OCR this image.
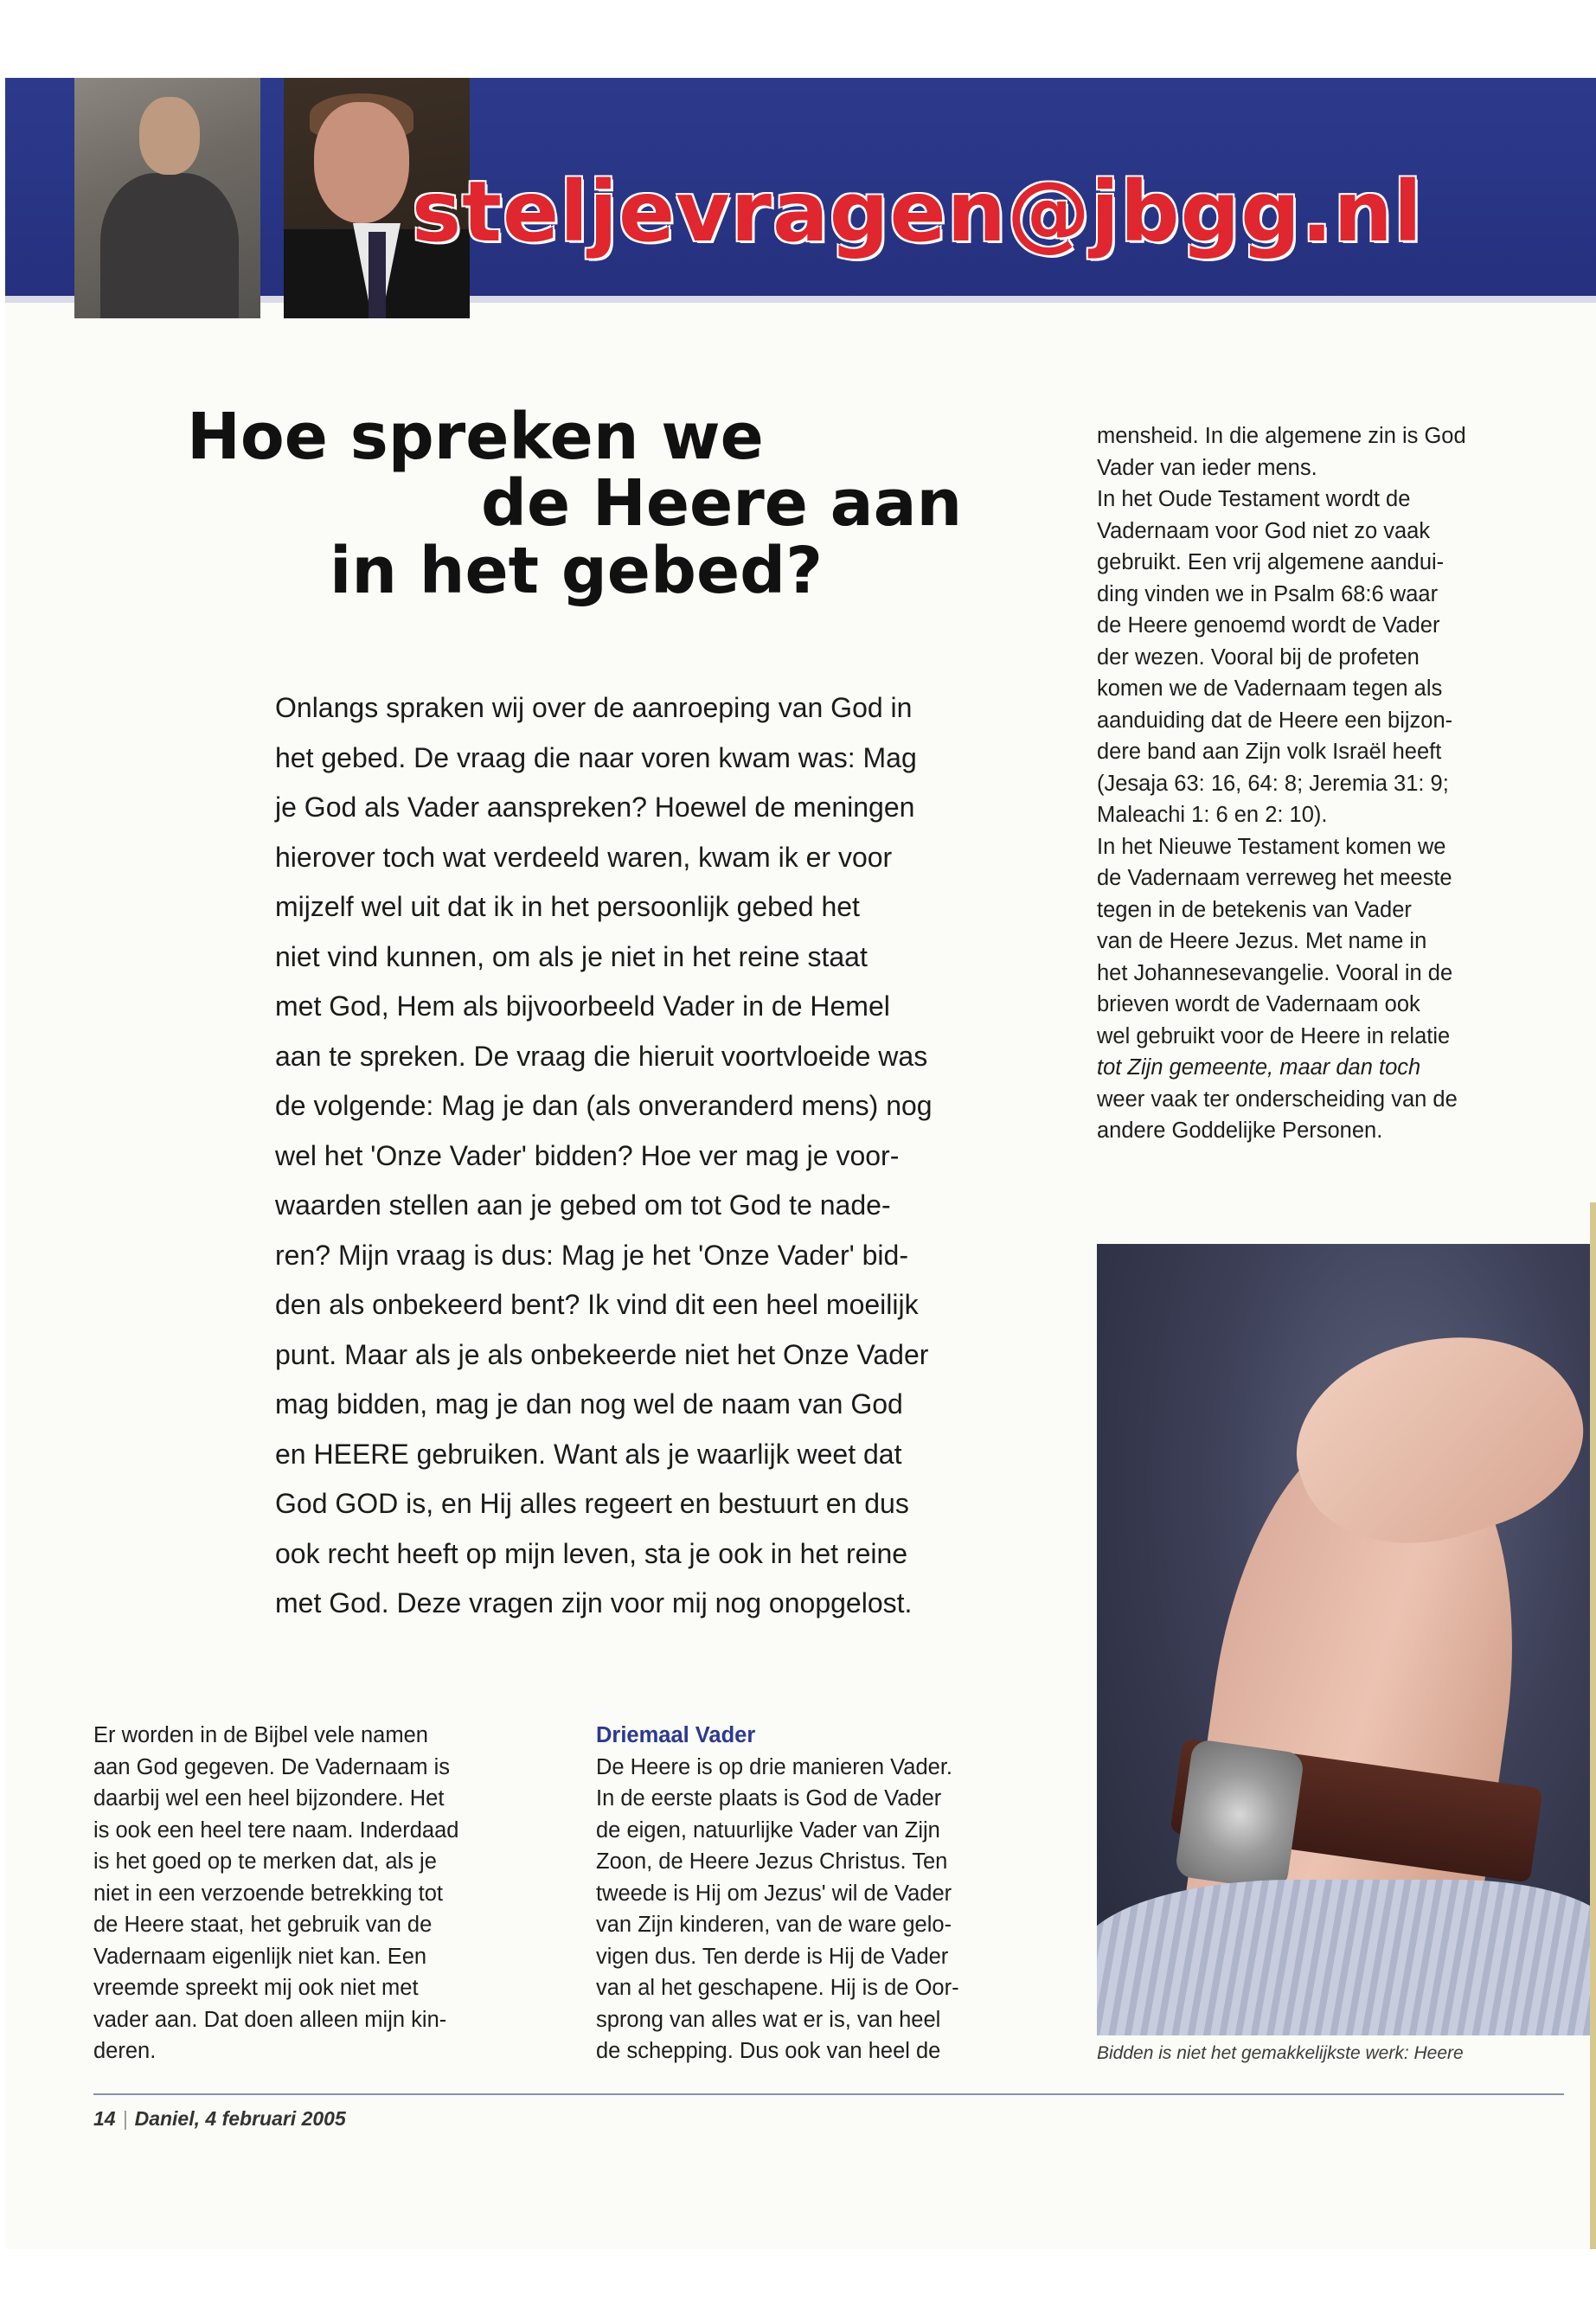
steljevragen@jbgg.nl
Hoe spreken we
de Heere aan
in het gebed?
Onlangs spraken wij over de aanroeping van God in
het gebed. De vraag die naar voren kwam was: Mag
je God als Vader aanspreken? Hoewel de meningen
hierover toch wat verdeeld waren, kwam ik er voor
mijzelf wel uit dat ik in het persoonlijk gebed het
niet vind kunnen, om als je niet in het reine staat
met God, Hem als bijvoorbeeld Vader in de Hemel
aan te spreken. De vraag die hieruit voortvloeide was
de volgende: Mag je dan (als onveranderd mens) nog
wel het 'Onze Vader' bidden? Hoe ver mag je voor-
waarden stellen aan je gebed om tot God te nade-
ren? Mijn vraag is dus: Mag je het 'Onze Vader' bid-
den als onbekeerd bent? Ik vind dit een heel moeilijk
punt. Maar als je als onbekeerde niet het Onze Vader
mag bidden, mag je dan nog wel de naam van God
en HEERE gebruiken. Want als je waarlijk weet dat
God GOD is, en Hij alles regeert en bestuurt en dus
ook recht heeft op mijn leven, sta je ook in het reine
met God. Deze vragen zijn voor mij nog onopgelost.
mensheid. In die algemene zin is God
Vader van ieder mens.
In het Oude Testament wordt de
Vadernaam voor God niet zo vaak
gebruikt. Een vrij algemene aandui-
ding vinden we in Psalm 68:6 waar
de Heere genoemd wordt de Vader
der wezen. Vooral bij de profeten
komen we de Vadernaam tegen als
aanduiding dat de Heere een bijzon-
dere band aan Zijn volk Israël heeft
(Jesaja 63: 16, 64: 8; Jeremia 31: 9;
Maleachi 1: 6 en 2: 10).
In het Nieuwe Testament komen we
de Vadernaam verreweg het meeste
tegen in de betekenis van Vader
van de Heere Jezus. Met name in
het Johannesevangelie. Vooral in de
brieven wordt de Vadernaam ook
wel gebruikt voor de Heere in relatie
tot Zijn gemeente, maar dan toch
weer vaak ter onderscheiding van de
andere Goddelijke Personen.
Bidden is niet het gemakkelijkste werk: Heere
Er worden in de Bijbel vele namen
aan God gegeven. De Vadernaam is
daarbij wel een heel bijzondere. Het
is ook een heel tere naam. Inderdaad
is het goed op te merken dat, als je
niet in een verzoende betrekking tot
de Heere staat, het gebruik van de
Vadernaam eigenlijk niet kan. Een
vreemde spreekt mij ook niet met
vader aan. Dat doen alleen mijn kin-
deren.
Driemaal Vader
De Heere is op drie manieren Vader.
In de eerste plaats is God de Vader
de eigen, natuurlijke Vader van Zijn
Zoon, de Heere Jezus Christus. Ten
tweede is Hij om Jezus' wil de Vader
van Zijn kinderen, van de ware gelo-
vigen dus. Ten derde is Hij de Vader
van al het geschapene. Hij is de Oor-
sprong van alles wat er is, van heel
de schepping. Dus ook van heel de
14 | Daniel, 4 februari 2005
